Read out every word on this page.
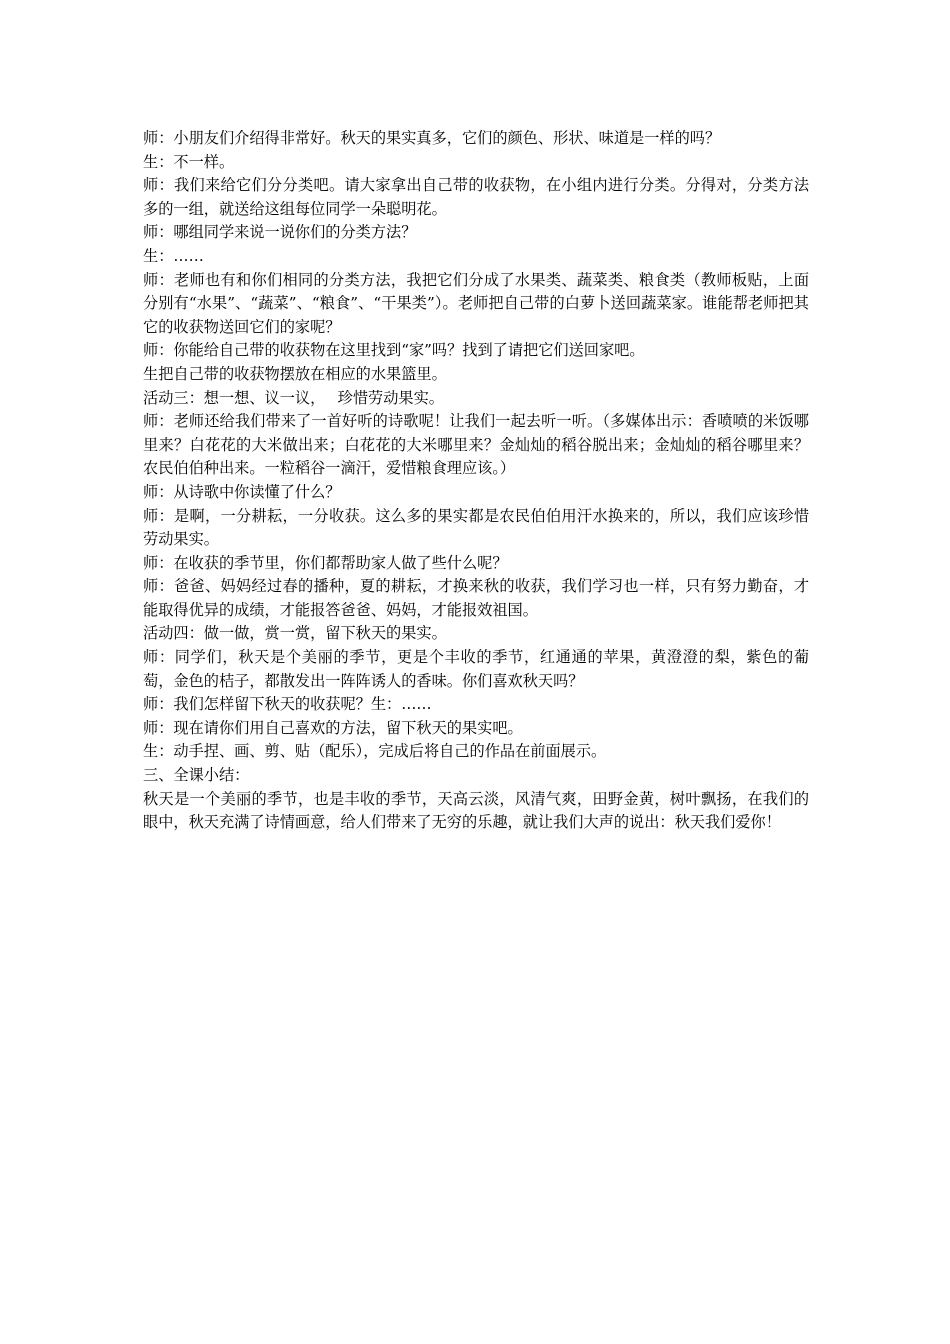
师：小朋友们介绍得非常好。秋天的果实真多，它们的颜色、形状、味道是一样的吗？

生：不一样。

师：我们来给它们分分类吧。请大家拿出自己带的收获物，在小组内进行分类。分得对，分类方法多的一组，就送给这组每位同学一朵聪明花。

师：哪组同学来说一说你们的分类方法？

生：……

师：老师也有和你们相同的分类方法，我把它们分成了水果类、蔬菜类、粮食类（教师板贴，上面分别有“水果”、“蔬菜”、“粮食”、“干果类”）。老师把自己带的白萝卜送回蔬菜家。谁能帮老师把其它的收获物送回它们的家呢？

师：你能给自己带的收获物在这里找到“家”吗？找到了请把它们送回家吧。

生把自己带的收获物摆放在相应的水果篮里。

活动三：想一想、议一议，　 珍惜劳动果实。

师：老师还给我们带来了一首好听的诗歌呢！让我们一起去听一听。（多媒体出示：香喷喷的米饭哪里来？白花花的大米做出来；白花花的大米哪里来？金灿灿的稻谷脱出来；金灿灿的稻谷哪里来？农民伯伯种出来。一粒稻谷一滴汗，爱惜粮食理应该。）

师：从诗歌中你读懂了什么？

师：是啊，一分耕耘，一分收获。这么多的果实都是农民伯伯用汗水换来的，所以，我们应该珍惜劳动果实。

师：在收获的季节里，你们都帮助家人做了些什么呢？

师：爸爸、妈妈经过春的播种，夏的耕耘，才换来秋的收获，我们学习也一样，只有努力勤奋，才能取得优异的成绩，才能报答爸爸、妈妈，才能报效祖国。

活动四：做一做，赏一赏，留下秋天的果实。

师：同学们，秋天是个美丽的季节，更是个丰收的季节，红通通的苹果，黄澄澄的梨，紫色的葡萄，金色的桔子，都散发出一阵阵诱人的香味。你们喜欢秋天吗？

师：我们怎样留下秋天的收获呢？生：……

师：现在请你们用自己喜欢的方法，留下秋天的果实吧。

生：动手捏、画、剪、贴（配乐），完成后将自己的作品在前面展示。

三、全课小结：

秋天是一个美丽的季节，也是丰收的季节，天高云淡，风清气爽，田野金黄，树叶飘扬，在我们的眼中，秋天充满了诗情画意，给人们带来了无穷的乐趣，就让我们大声的说出：秋天我们爱你！
